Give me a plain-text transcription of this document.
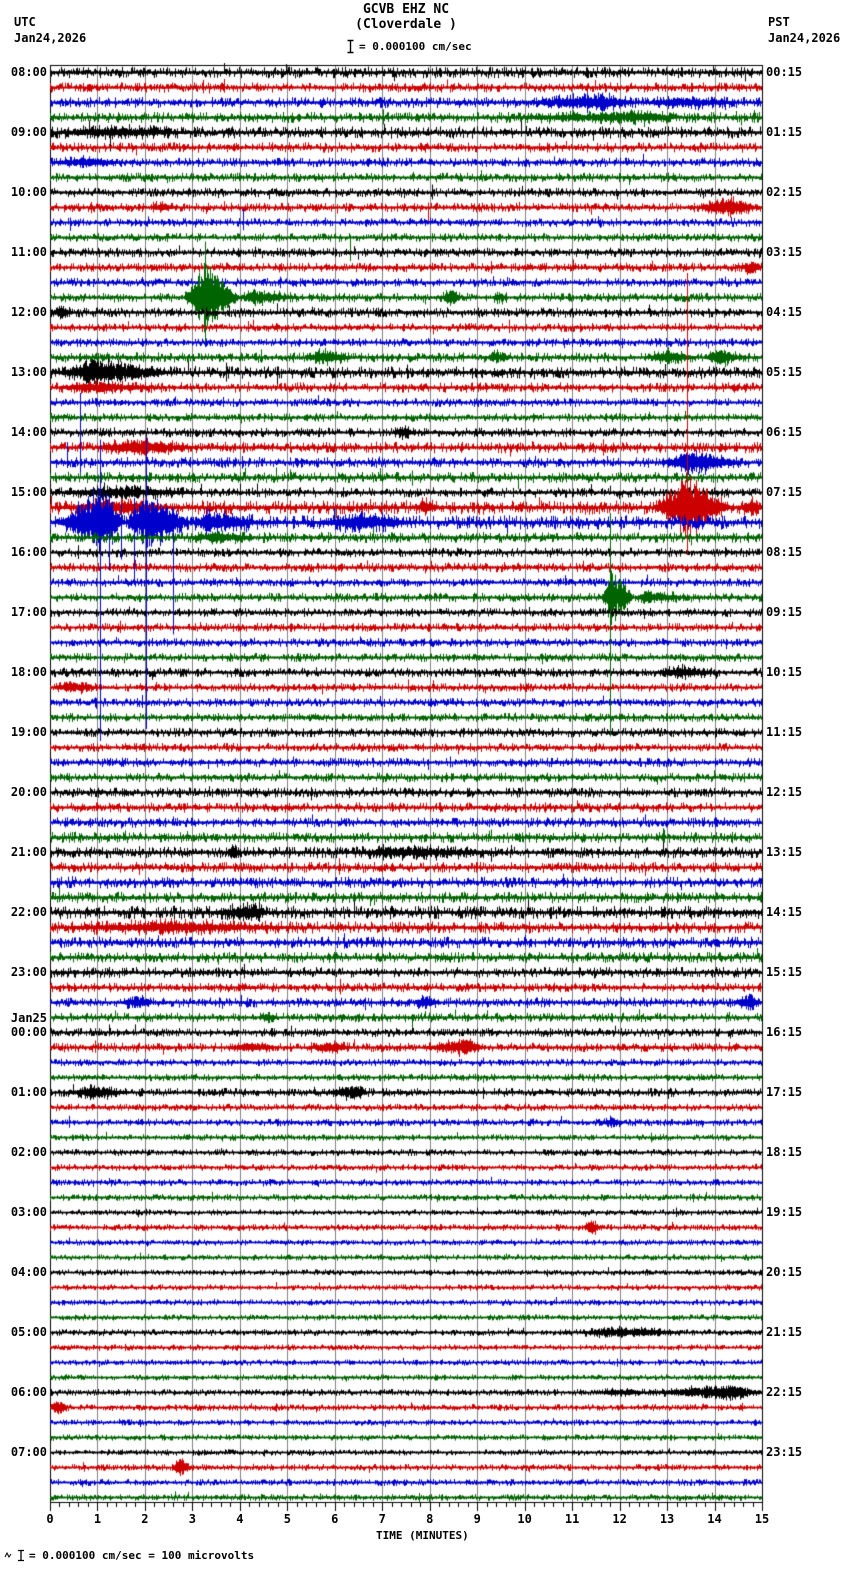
GCVB EHZ NC
(Cloverdale )
= 0.000100 cm/sec
UTC
Jan24,2026
PST
Jan24,2026
08:00
09:00
10:00
11:00
12:00
13:00
14:00
15:00
16:00
17:00
18:00
19:00
20:00
21:00
22:00
23:00
Jan25
00:00
01:00
02:00
03:00
04:00
05:00
06:00
07:00
00:15
01:15
02:15
03:15
04:15
05:15
06:15
07:15
08:15
09:15
10:15
11:15
12:15
13:15
14:15
15:15
16:15
17:15
18:15
19:15
20:15
21:15
22:15
23:15
0	1	2	3	4	5	6	7	8	9	10	11	12	13	14	15
TIME (MINUTES)
= 0.000100 cm/sec = 100 microvolts
